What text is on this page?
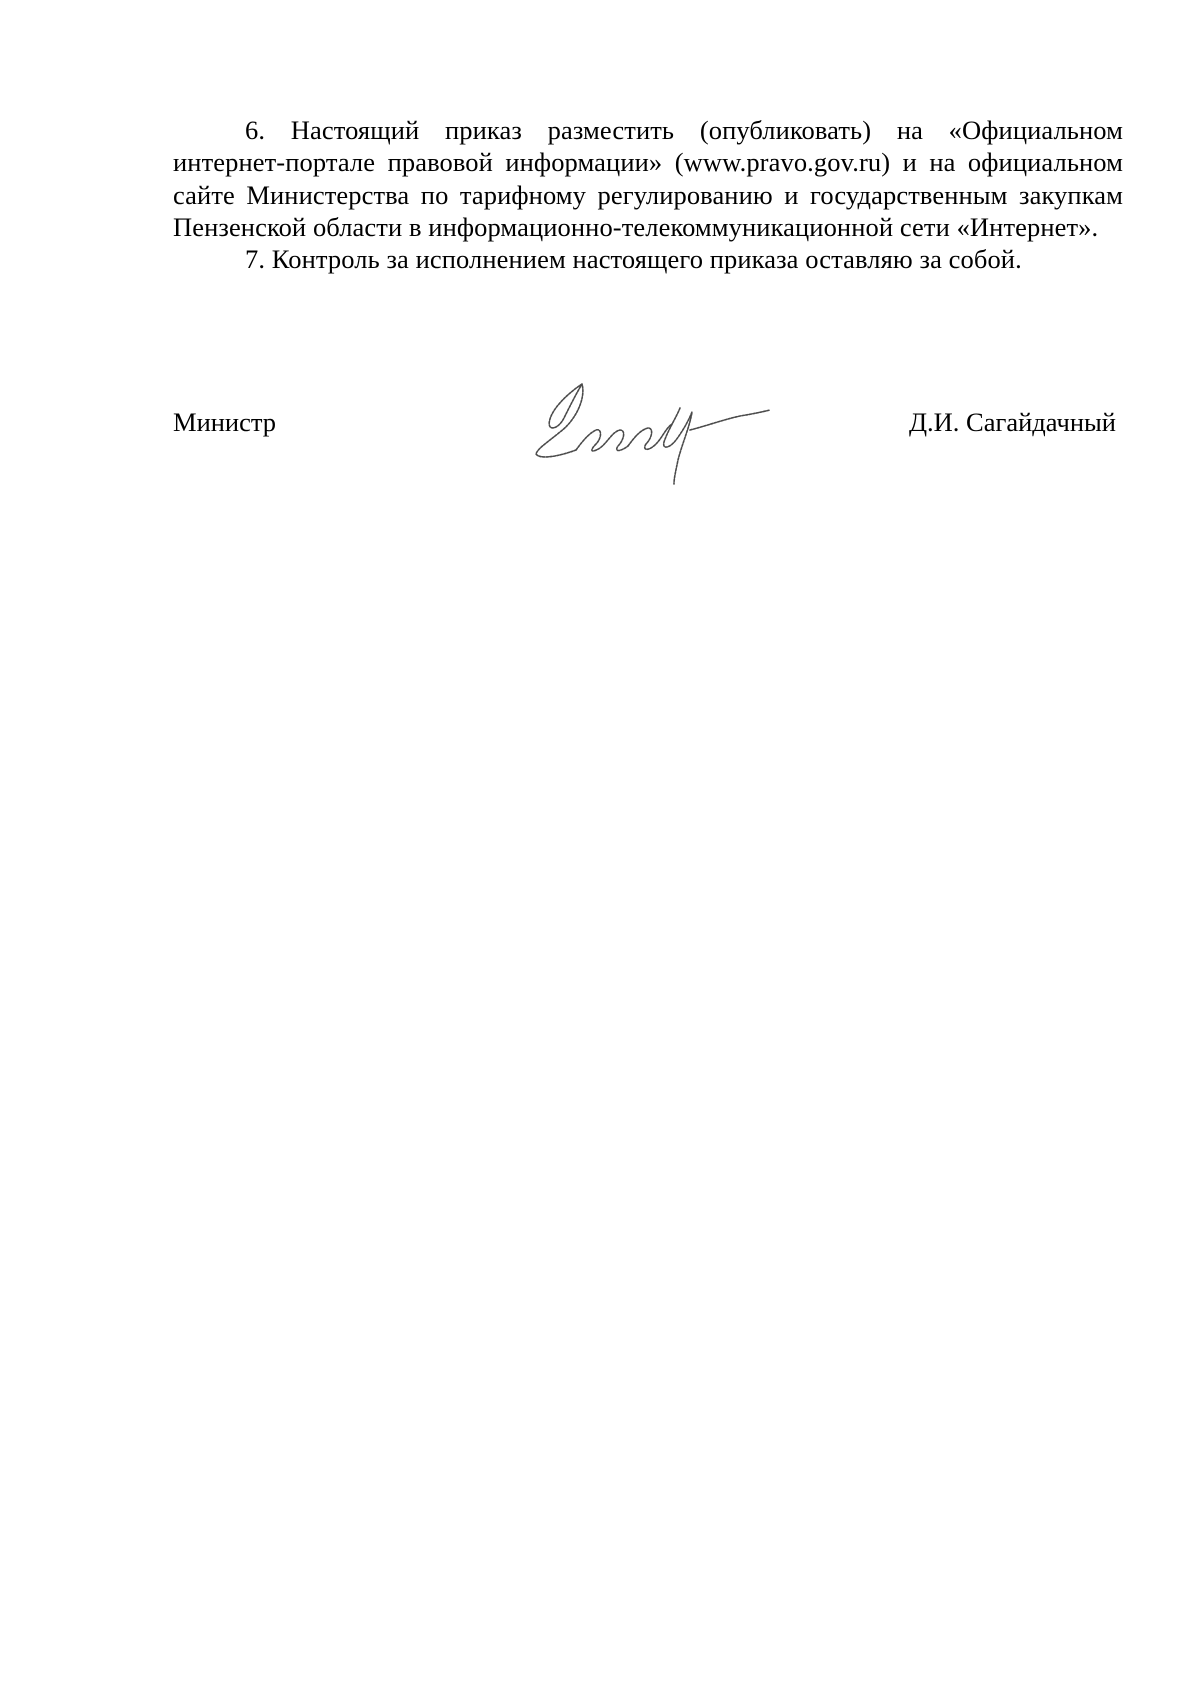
6. Настоящий приказ разместить (опубликовать) на «Официальном интернет-портале правовой информации» (www.pravo.gov.ru) и на официальном сайте Министерства по тарифному регулированию и государственным закупкам Пензенской области в информационно-телекоммуникационной сети «Интернет».

7. Контроль за исполнением настоящего приказа оставляю за собой.

Министр	Д.И. Сагайдачный
